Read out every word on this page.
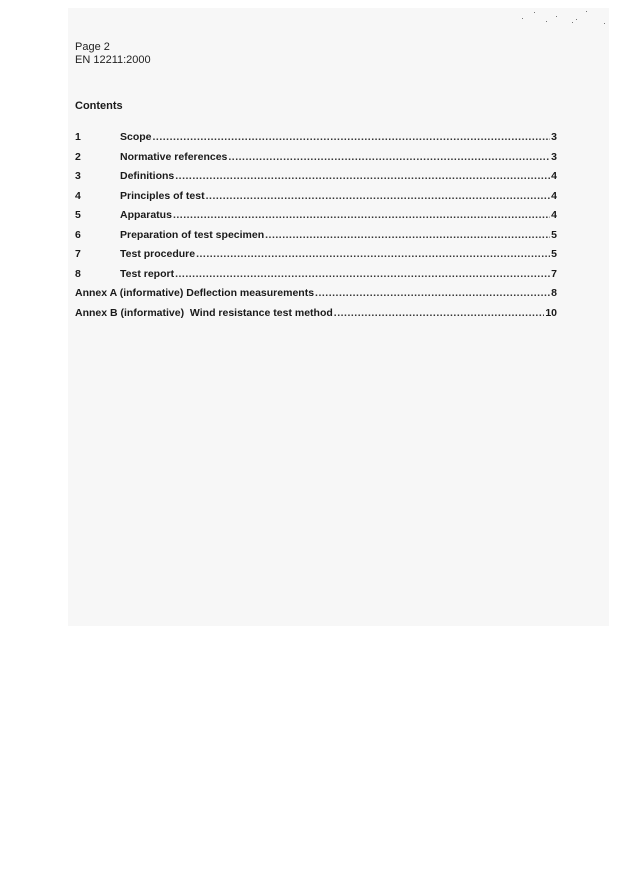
Page 2
EN 12211:2000
Contents
1	Scope .....	3
2	Normative references .....	3
3	Definitions .....	4
4	Principles of test .....	4
5	Apparatus .....	4
6	Preparation of test specimen .....	5
7	Test procedure .....	5
8	Test report .....	7
Annex A (informative) Deflection measurements .....	8
Annex B (informative)  Wind resistance test method .....	10
